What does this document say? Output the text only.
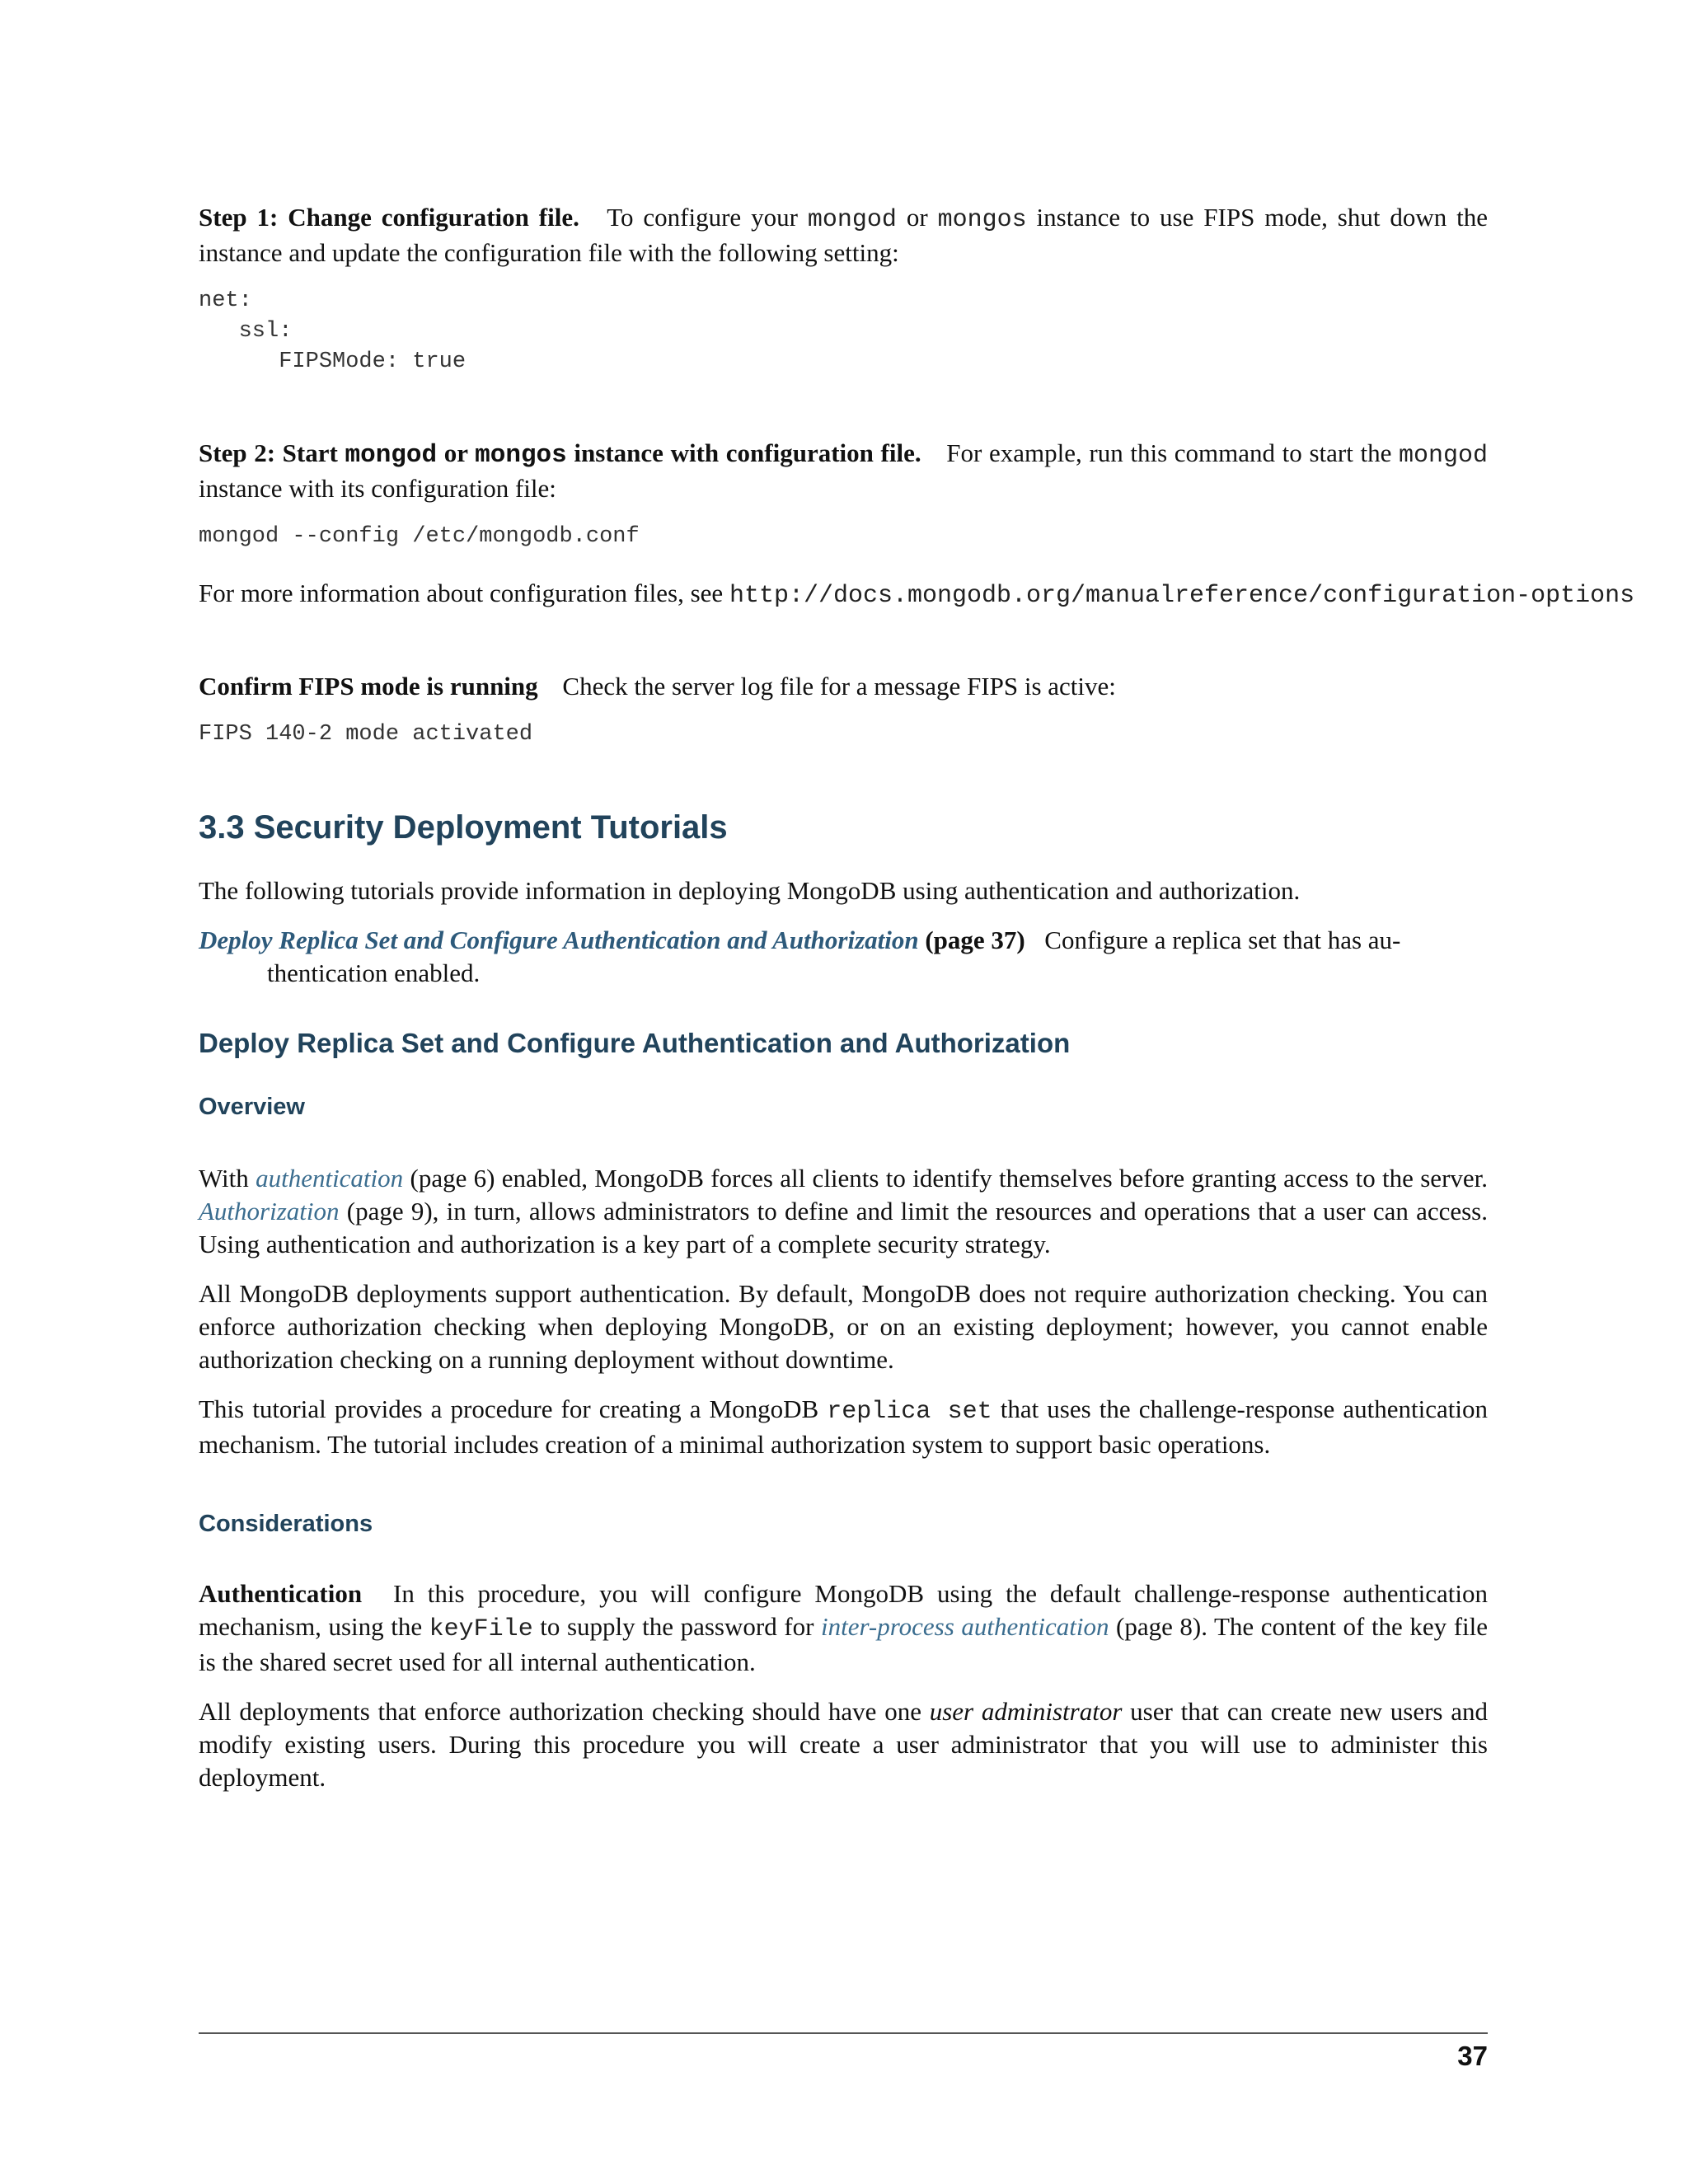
Step 1: Change configuration file. To configure your mongod or mongos instance to use FIPS mode, shut down the instance and update the configuration file with the following setting:

net:
ssl:
FIPSMode: true

Step 2: Start mongod or mongos instance with configuration file. For example, run this command to start the mongod instance with its configuration file:

mongod --config /etc/mongodb.conf

For more information about configuration files, see http://docs.mongodb.org/manualreference/configuration-options

Confirm FIPS mode is running Check the server log file for a message FIPS is active:

FIPS 140-2 mode activated
3.3 Security Deployment Tutorials

The following tutorials provide information in deploying MongoDB using authentication and authorization.

Deploy Replica Set and Configure Authentication and Authorization (page 37) Configure a replica set that has au-
thentication enabled.
Deploy Replica Set and Configure Authentication and Authorization
Overview

With authentication (page 6) enabled, MongoDB forces all clients to identify themselves before granting access to the server. Authorization (page 9), in turn, allows administrators to define and limit the resources and operations that a user can access. Using authentication and authorization is a key part of a complete security strategy.

All MongoDB deployments support authentication. By default, MongoDB does not require authorization checking. You can enforce authorization checking when deploying MongoDB, or on an existing deployment; however, you cannot enable authorization checking on a running deployment without downtime.

This tutorial provides a procedure for creating a MongoDB replica set that uses the challenge-response authentication mechanism. The tutorial includes creation of a minimal authorization system to support basic operations.

Considerations

Authentication In this procedure, you will configure MongoDB using the default challenge-response authentication mechanism, using the keyFile to supply the password for inter-process authentication (page 8). The content of the key file is the shared secret used for all internal authentication.

All deployments that enforce authorization checking should have one user administrator user that can create new users and modify existing users. During this procedure you will create a user administrator that you will use to administer this deployment.

37
